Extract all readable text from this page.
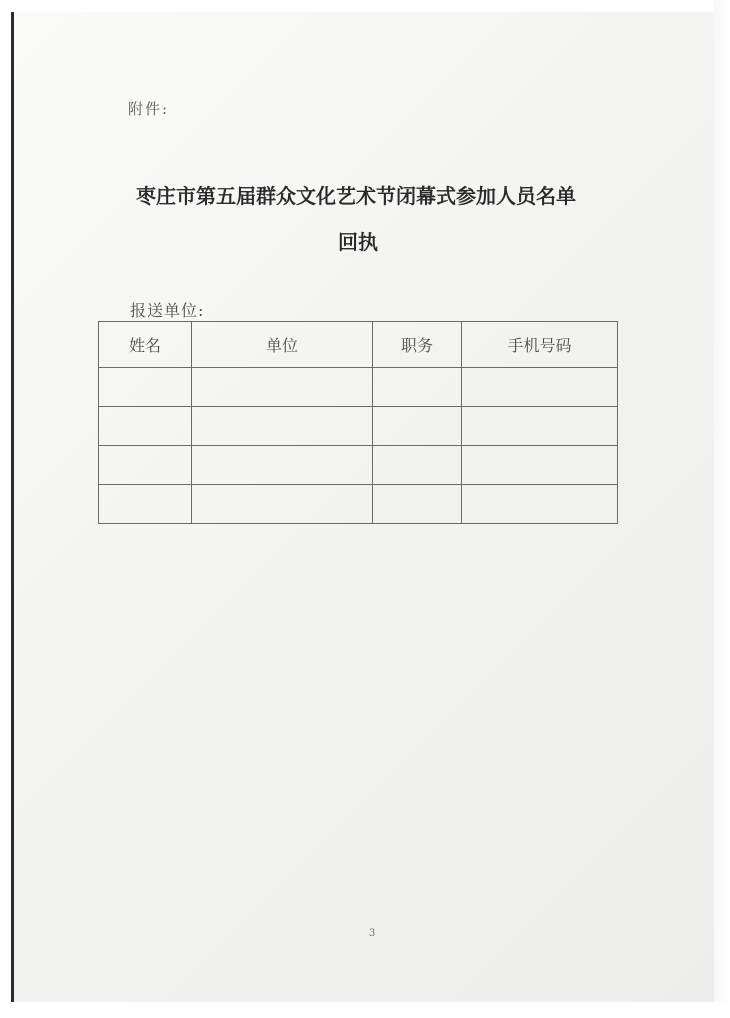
附件:
枣庄市第五届群众文化艺术节闭幕式参加人员名单
回执
报送单位:
姓名	单位	职务	手机号码

3
